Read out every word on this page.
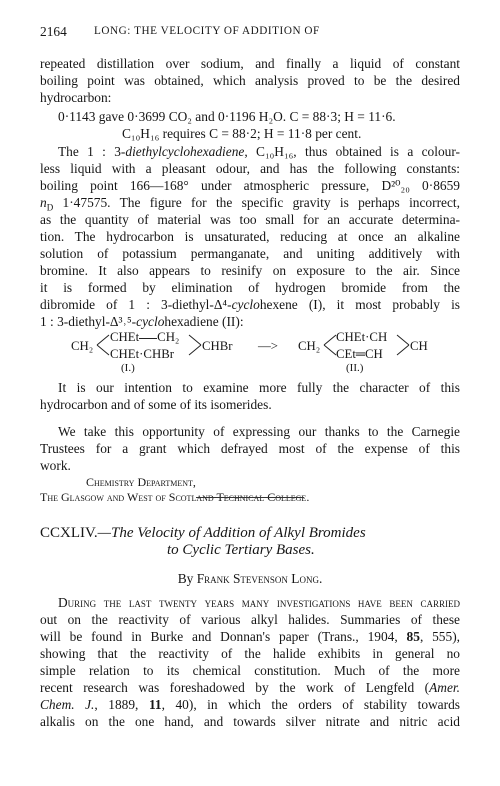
2164 LONG: THE VELOCITY OF ADDITION OF
repeated distillation over sodium, and finally a liquid of constant
boiling point was obtained, which analysis proved to be the desired
hydrocarbon:
0·1143 gave 0·3699 CO₂ and 0·1196 H₂O. C = 88·3; H = 11·6.
C₁₀H₁₆ requires C = 88·2; H = 11·8 per cent.
The 1 : 3-diethylcyclohexadiene, C₁₀H₁₆, thus obtained is a colour-
less liquid with a pleasant odour, and has the following constants:
boiling point 166—168° under atmospheric pressure, D²⁰₂₀ 0·8659
$n_D$ 1·47575. The figure for the specific gravity is perhaps incorrect,
as the quantity of material was too small for an accurate determina-
tion. The hydrocarbon is unsaturated, reducing at once an alkaline
solution of potassium permanganate, and uniting additively with
bromine. It also appears to resinify on exposure to the air. Since
it is formed by elimination of hydrogen bromide from the
dibromide of 1 : 3-diethyl-Δ⁴-cyclohexene (I), it most probably is
1 : 3-diethyl-Δ³˒⁵-cyclohexadiene (II):
CH₂
CHEt CH₂
CHEt·CHBr
CHBr
(I.)
—> CH₂
CHEt·CH
CEt═CH
CH
(II.)
It is our intention to examine more fully the character of this
hydrocarbon and of some of its isomerides.
We take this opportunity of expressing our thanks to the Carnegie
Trustees for a grant which defrayed most of the expense of this
work.
Chemistry Department,
The Glasgow and West of Scotland Technical College.
CCXLIV.—The Velocity of Addition of Alkyl Bromides
to Cyclic Tertiary Bases.
By Frank Stevenson Long.
During the last twenty years many investigations have been carried
out on the reactivity of various alkyl halides. Summaries of these
will be found in Burke and Donnan's paper (Trans., 1904, 85, 555),
showing that the reactivity of the halide exhibits in general no
simple relation to its chemical constitution. Much of the more
recent research was foreshadowed by the work of Lengfeld (Amer.
Chem. J., 1889, 11, 40), in which the orders of stability towards
alkalis on the one hand, and towards silver nitrate and nitric acid
